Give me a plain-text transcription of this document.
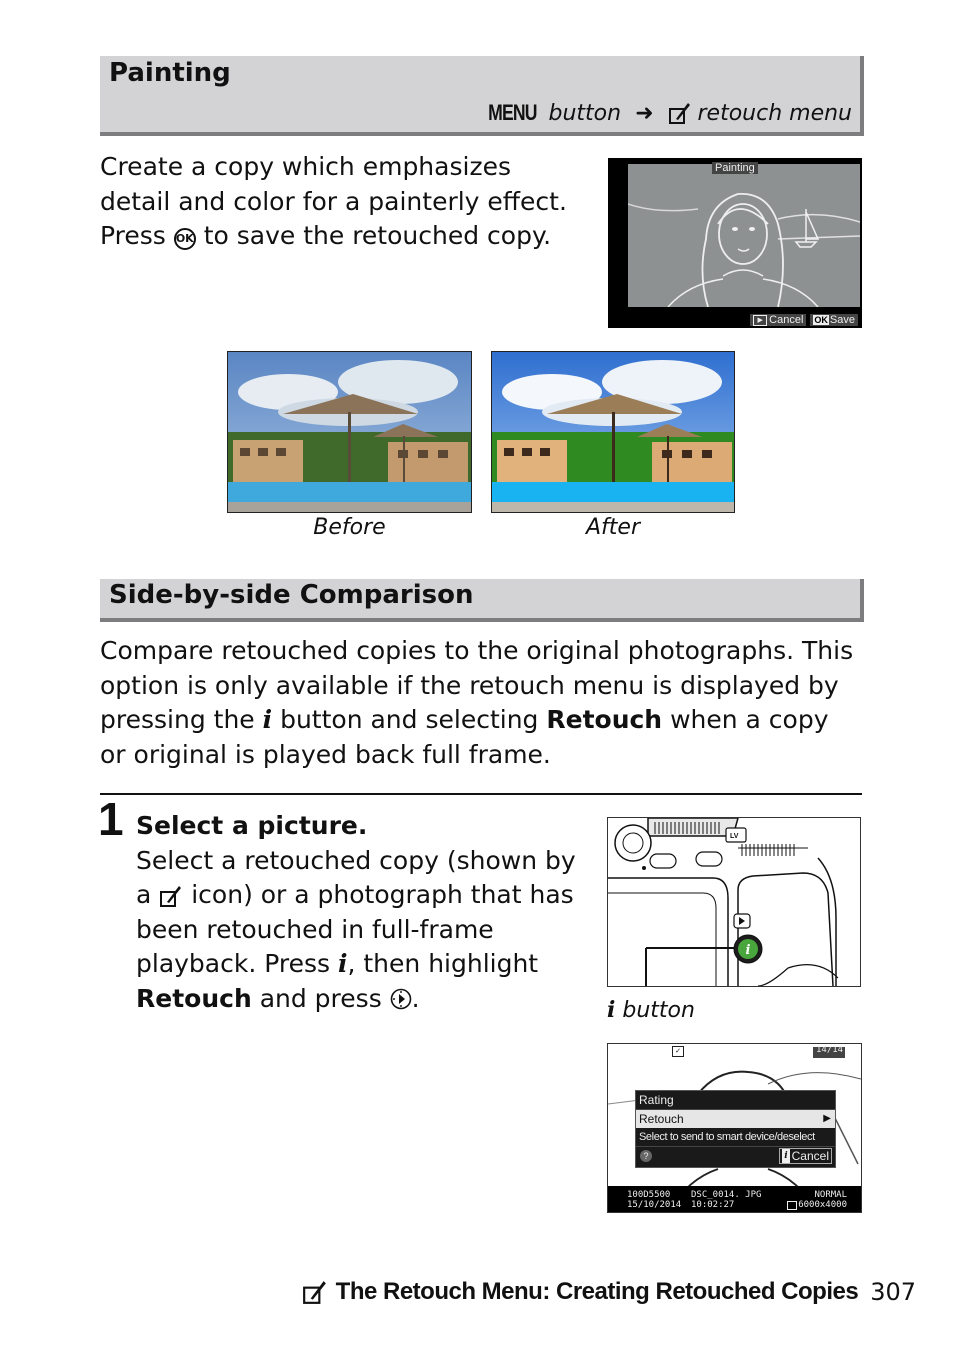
Painting
MENU button ➜ retouch menu
Create a copy which emphasizes detail and color for a painterly effect. Press OK to save the retouched copy.
Painting
▶ Cancel OK Save
Before	After
Side-by-side Comparison
Compare retouched copies to the original photographs. This option is only available if the retouch menu is displayed by pressing the i button and selecting Retouch when a copy or original is played back full frame.
1 Select a picture.
Select a retouched copy (shown by a icon) or a photograph that has been retouched in full-frame playback. Press i, then highlight Retouch and press .
i
LV
i button
✓	14/14
Rating
Retouch	▶
Select to send to smart device/deselect
?	i Cancel
100D5500 DSC_0014. JPG	NORMAL
15/10/2014 10:02:27	6000x4000
The Retouch Menu: Creating Retouched Copies 307
